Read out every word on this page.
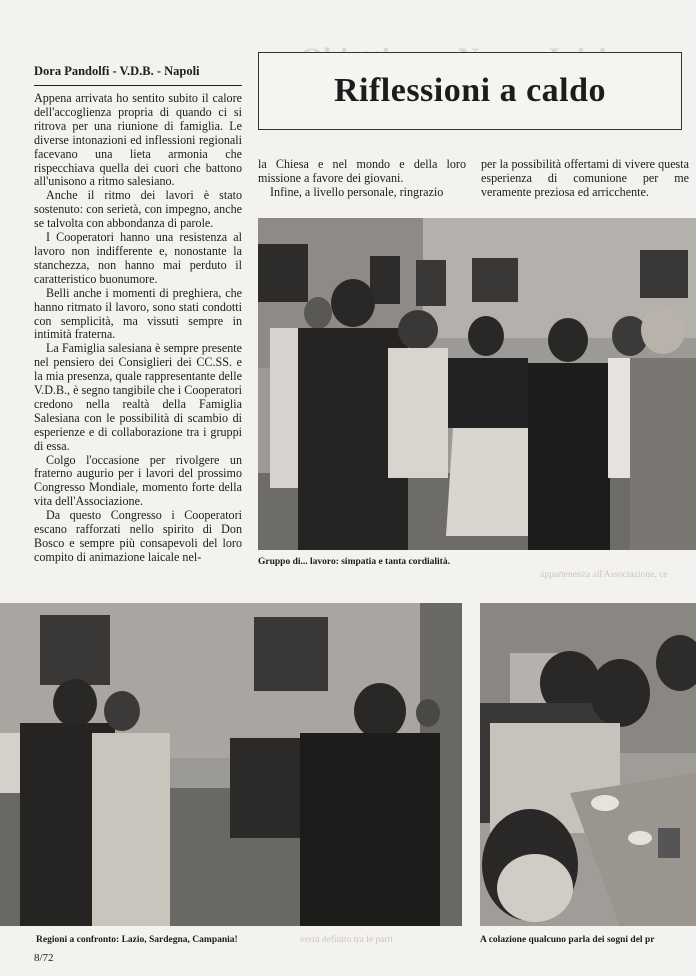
Dora Pandolfi - V.D.B. - Napoli
Riflessioni a caldo

Appena arrivata ho sentito subito il calore dell'accoglienza propria di quando ci si ritrova per una riunione di famiglia. Le diverse intonazioni ed inflessioni regionali facevano una lieta armonia che rispecchiava quella dei cuori che battono all'unisono a ritmo salesiano.

Anche il ritmo dei lavori è stato sostenuto: con serietà, con impegno, anche se talvolta con abbondanza di parole.

I Cooperatori hanno una resistenza al lavoro non indifferente e, nonostante la stanchezza, non hanno mai perduto il caratteristico buonumore.

Belli anche i momenti di preghiera, che hanno ritmato il lavoro, sono stati condotti con semplicità, ma vissuti sempre in intimità fraterna.

La Famiglia salesiana è sempre presente nel pensiero dei Consiglieri dei CC.SS. e la mia presenza, quale rappresentante delle V.D.B., è segno tangibile che i Cooperatori credono nella realtà della Famiglia Salesiana con le possibilità di scambio di esperienze e di collaborazione tra i gruppi di essa.

Colgo l'occasione per rivolgere un fraterno augurio per i lavori del prossimo Congresso Mondiale, momento forte della vita dell'Associazione.

Da questo Congresso i Cooperatori escano rafforzati nello spirito di Don Bosco e sempre più consapevoli del loro compito di animazione laicale nel-

la Chiesa e nel mondo e della loro missione a favore dei giovani.

Infine, a livello personale, ringrazio

per la possibilità offertami di vivere questa esperienza di comunione per me veramente preziosa ed arricchente.

Gruppo di... lavoro: simpatia e tanta cordialità.
appartenenza all'Associazione, ce
Regioni a confronto: Lazio, Sardegna, Campania!	verrà definito tra le parti	A colazione qualcuno parla dei sogni del pr
8/72
